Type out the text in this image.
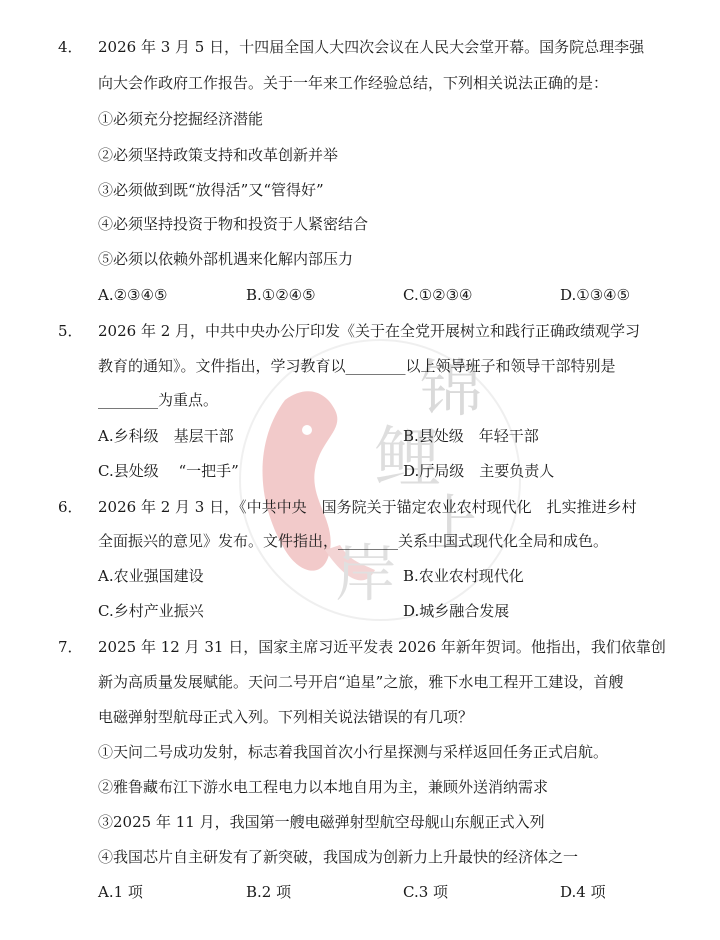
锦
鲤
上
岸
4． 2026 年 3 月 5 日，十四届全国人大四次会议在人民大会堂开幕。国务院总理李强
向大会作政府工作报告。关于一年来工作经验总结，下列相关说法正确的是：
①必须充分挖掘经济潜能
②必须坚持政策支持和改革创新并举
③必须做到既“放得活”又“管得好”
④必须坚持投资于物和投资于人紧密结合
⑤必须以依赖外部机遇来化解内部压力
A.②③④⑤	B.①②④⑤	C.①②③④	D.①③④⑤
5． 2026 年 2 月，中共中央办公厅印发《关于在全党开展树立和践行正确政绩观学习
教育的通知》。文件指出，学习教育以________以上领导班子和领导干部特别是
________为重点。
A.乡科级　基层干部	B.县处级　年轻干部
C.县处级　 “一把手”	D.厅局级　主要负责人
6． 2026 年 2 月 3 日，《中共中央　国务院关于锚定农业农村现代化　扎实推进乡村
全面振兴的意见》发布。文件指出，________关系中国式现代化全局和成色。
A.农业强国建设	B.农业农村现代化
C.乡村产业振兴	D.城乡融合发展
7． 2025 年 12 月 31 日，国家主席习近平发表 2026 年新年贺词。他指出，我们依靠创
新为高质量发展赋能。天问二号开启“追星”之旅，雅下水电工程开工建设，首艘
电磁弹射型航母正式入列。下列相关说法错误的有几项？
①天问二号成功发射，标志着我国首次小行星探测与采样返回任务正式启航。
②雅鲁藏布江下游水电工程电力以本地自用为主，兼顾外送消纳需求
③2025 年 11 月，我国第一艘电磁弹射型航空母舰山东舰正式入列
④我国芯片自主研发有了新突破，我国成为创新力上升最快的经济体之一
A.1 项	B.2 项	C.3 项	D.4 项
